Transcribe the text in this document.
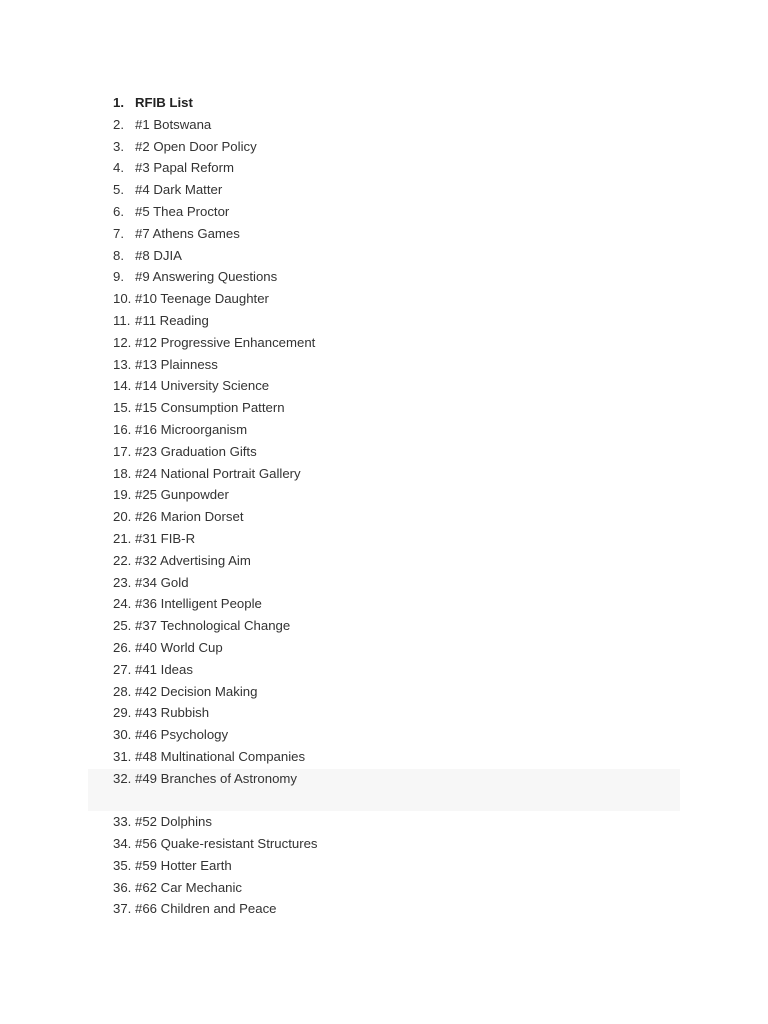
1. RFIB List
2. #1 Botswana
3. #2 Open Door Policy
4. #3 Papal Reform
5. #4 Dark Matter
6. #5 Thea Proctor
7. #7 Athens Games
8. #8 DJIA
9. #9 Answering Questions
10. #10 Teenage Daughter
11. #11 Reading
12. #12 Progressive Enhancement
13. #13 Plainness
14. #14 University Science
15. #15 Consumption Pattern
16. #16 Microorganism
17. #23 Graduation Gifts
18. #24 National Portrait Gallery
19. #25 Gunpowder
20. #26 Marion Dorset
21. #31 FIB-R
22. #32 Advertising Aim
23. #34 Gold
24. #36 Intelligent People
25. #37 Technological Change
26. #40 World Cup
27. #41 Ideas
28. #42 Decision Making
29. #43 Rubbish
30. #46 Psychology
31. #48 Multinational Companies
32. #49 Branches of Astronomy
33. #52 Dolphins
34. #56 Quake-resistant Structures
35. #59 Hotter Earth
36. #62 Car Mechanic
37. #66 Children and Peace
